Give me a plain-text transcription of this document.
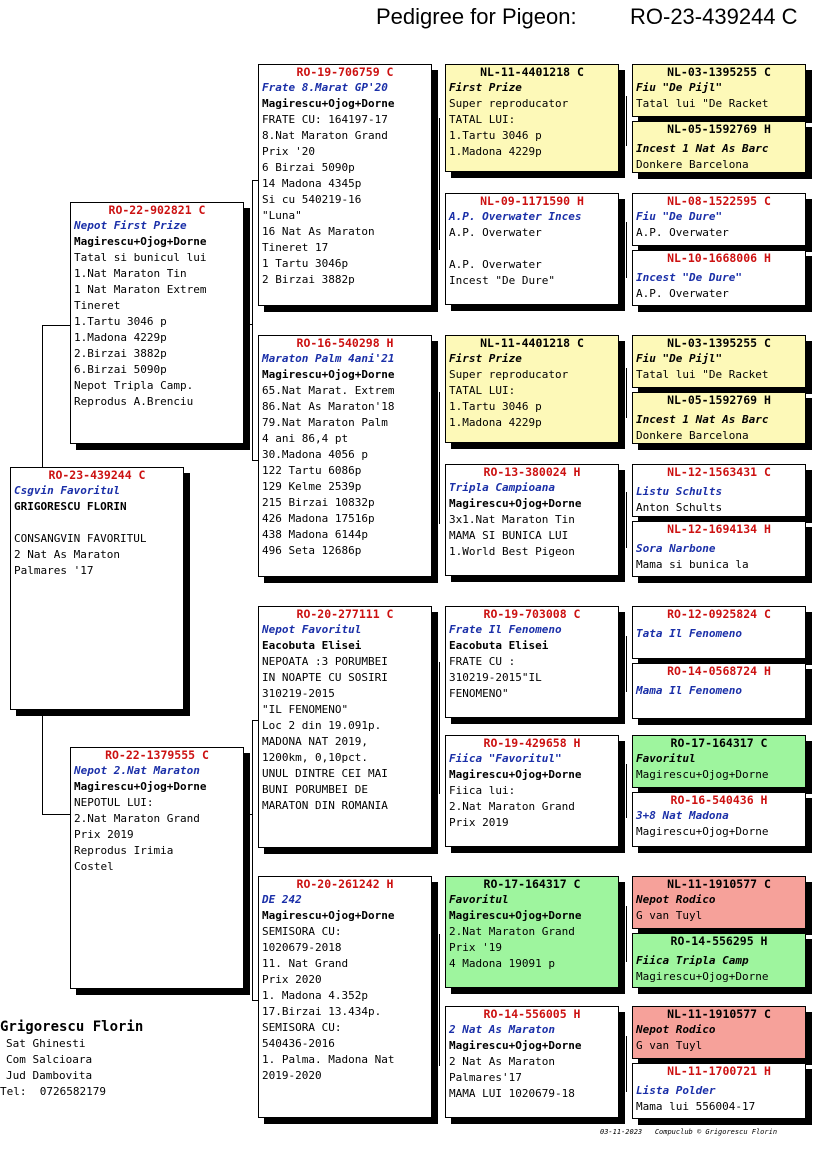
Pedigree for Pigeon: RO-23-439244 C
RO-23-439244 C
Csgvin Favoritul
GRIGORESCU FLORIN

CONSANGVIN FAVORITUL
2 Nat As Maraton
Palmares '17
RO-22-902821 C
Nepot First Prize
Magirescu+Ojog+Dorne
Tatal si bunicul lui
1.Nat Maraton Tin
1 Nat Maraton Extrem
Tineret
1.Tartu 3046 p
1.Madona 4229p
2.Birzai 3882p
6.Birzai 5090p
Nepot Tripla Camp.
Reprodus A.Brenciu
RO-22-1379555 C
Nepot 2.Nat Maraton
Magirescu+Ojog+Dorne
NEPOTUL LUI:
2.Nat Maraton Grand
Prix 2019
Reprodus Irimia
Costel
RO-19-706759 C
Frate 8.Marat GP'20
Magirescu+Ojog+Dorne
FRATE CU: 164197-17
8.Nat Maraton Grand
Prix '20
6 Birzai 5090p
14 Madona 4345p
Si cu 540219-16
"Luna"
16 Nat As Maraton
Tineret 17
1 Tartu 3046p
2 Birzai 3882p
RO-16-540298 H
Maraton Palm 4ani'21
Magirescu+Ojog+Dorne
65.Nat Marat. Extrem
86.Nat As Maraton'18
79.Nat Maraton Palm
4 ani 86,4 pt
30.Madona 4056 p
122 Tartu 6086p
129 Kelme 2539p
215 Birzai 10832p
426 Madona 17516p
438 Madona 6144p
496 Seta 12686p
RO-20-277111 C
Nepot Favoritul
Eacobuta Elisei
NEPOATA :3 PORUMBEI
IN NOAPTE CU SOSIRI
310219-2015
"IL FENOMENO"
Loc 2 din 19.091p.
MADONA NAT 2019,
1200km, 0,10pct.
UNUL DINTRE CEI MAI
BUNI PORUMBEI DE
MARATON DIN ROMANIA
RO-20-261242 H
DE 242
Magirescu+Ojog+Dorne
SEMISORA CU:
1020679-2018
11. Nat Grand
Prix 2020
1. Madona 4.352p
17.Birzai 13.434p.
SEMISORA CU:
540436-2016
1. Palma. Madona Nat
2019-2020
NL-11-4401218 C
First Prize
Super reproducator
TATAL LUI:
1.Tartu 3046 p
1.Madona 4229p
NL-09-1171590 H
A.P. Overwater Inces
A.P. Overwater

A.P. Overwater
Incest "De Dure"
NL-11-4401218 C
First Prize
Super reproducator
TATAL LUI:
1.Tartu 3046 p
1.Madona 4229p
RO-13-380024 H
Tripla Campioana
Magirescu+Ojog+Dorne
3x1.Nat Maraton Tin
MAMA SI BUNICA LUI
1.World Best Pigeon
RO-19-703008 C
Frate Il Fenomeno
Eacobuta Elisei
FRATE CU :
310219-2015"IL
FENOMENO"
RO-19-429658 H
Fiica "Favoritul"
Magirescu+Ojog+Dorne
Fiica lui:
2.Nat Maraton Grand
Prix 2019
RO-17-164317 C
Favoritul
Magirescu+Ojog+Dorne
2.Nat Maraton Grand
Prix '19
4 Madona 19091 p
RO-14-556005 H
2 Nat As Maraton
Magirescu+Ojog+Dorne
2 Nat As Maraton
Palmares'17
MAMA LUI 1020679-18
NL-03-1395255 C
Fiu "De Pijl"
Tatal lui "De Racket
NL-05-1592769 H
Incest 1 Nat As Barc
Donkere Barcelona
NL-08-1522595 C
Fiu "De Dure"
A.P. Overwater
NL-10-1668006 H
Incest "De Dure"
A.P. Overwater
NL-03-1395255 C
Fiu "De Pijl"
Tatal lui "De Racket
NL-05-1592769 H
Incest 1 Nat As Barc
Donkere Barcelona
NL-12-1563431 C
Listu Schults
Anton Schults
NL-12-1694134 H
Sora Narbone
Mama si bunica la
RO-12-0925824 C
Tata Il Fenomeno
RO-14-0568724 H
Mama Il Fenomeno
RO-17-164317 C
Favoritul
Magirescu+Ojog+Dorne
RO-16-540436 H
3+8 Nat Madona
Magirescu+Ojog+Dorne
NL-11-1910577 C
Nepot Rodico
G van Tuyl
RO-14-556295 H
Fiica Tripla Camp
Magirescu+Ojog+Dorne
NL-11-1910577 C
Nepot Rodico
G van Tuyl
NL-11-1700721 H
Lista Polder
Mama lui 556004-17
Grigorescu Florin
Sat Ghinesti
Com Salcioara
Jud Dambovita
Tel:  0726582179
03-11-2023 Compuclub © Grigorescu Florin
